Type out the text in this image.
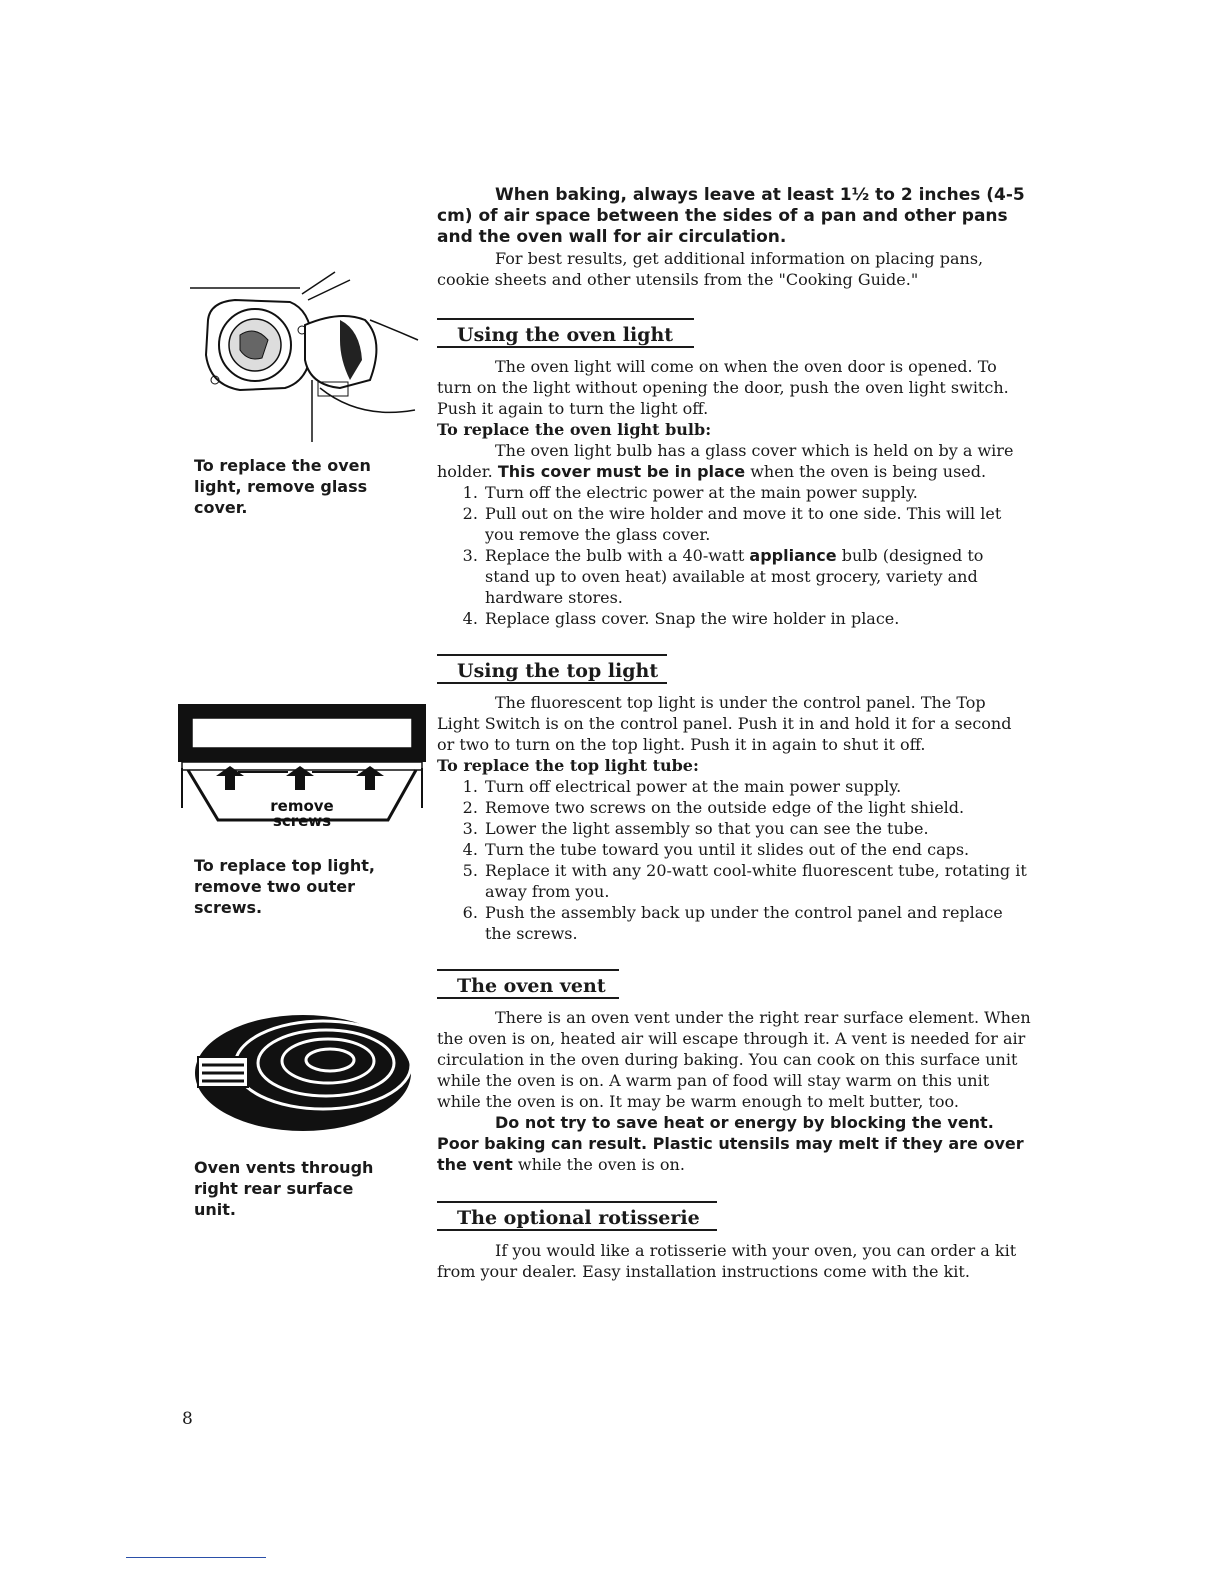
When baking, always leave at least 1½ to 2 inches (4-5 cm) of air space between the sides of a pan and other pans and the oven wall for air circulation.

For best results, get additional information on placing pans, cookie sheets and other utensils from the "Cooking Guide."

To replace the oven light, remove glass cover.
Using the oven light

The oven light will come on when the oven door is opened. To turn on the light without opening the door, push the oven light switch. Push it again to turn the light off.

To replace the oven light bulb:

The oven light bulb has a glass cover which is held on by a wire holder. This cover must be in place when the oven is being used.

1. Turn off the electric power at the main power supply.
2. Pull out on the wire holder and move it to one side. This will let you remove the glass cover.
3. Replace the bulb with a 40-watt appliance bulb (designed to stand up to oven heat) available at most grocery, variety and hardware stores.
4. Replace glass cover. Snap the wire holder in place.
remove
screws
To replace top light, remove two outer screws.
Using the top light

The fluorescent top light is under the control panel. The Top Light Switch is on the control panel. Push it in and hold it for a second or two to turn on the top light. Push it in again to shut it off.

To replace the top light tube:

1. Turn off electrical power at the main power supply.
2. Remove two screws on the outside edge of the light shield.
3. Lower the light assembly so that you can see the tube.
4. Turn the tube toward you until it slides out of the end caps.
5. Replace it with any 20-watt cool-white fluorescent tube, rotating it away from you.
6. Push the assembly back up under the control panel and replace the screws.
Oven vents through right rear surface unit.
The oven vent

There is an oven vent under the right rear surface element. When the oven is on, heated air will escape through it. A vent is needed for air circulation in the oven during baking. You can cook on this surface unit while the oven is on. A warm pan of food will stay warm on this unit while the oven is on. It may be warm enough to melt butter, too.

Do not try to save heat or energy by blocking the vent. Poor baking can result. Plastic utensils may melt if they are over the vent while the oven is on.

The optional rotisserie

If you would like a rotisserie with your oven, you can order a kit from your dealer. Easy installation instructions come with the kit.

8
